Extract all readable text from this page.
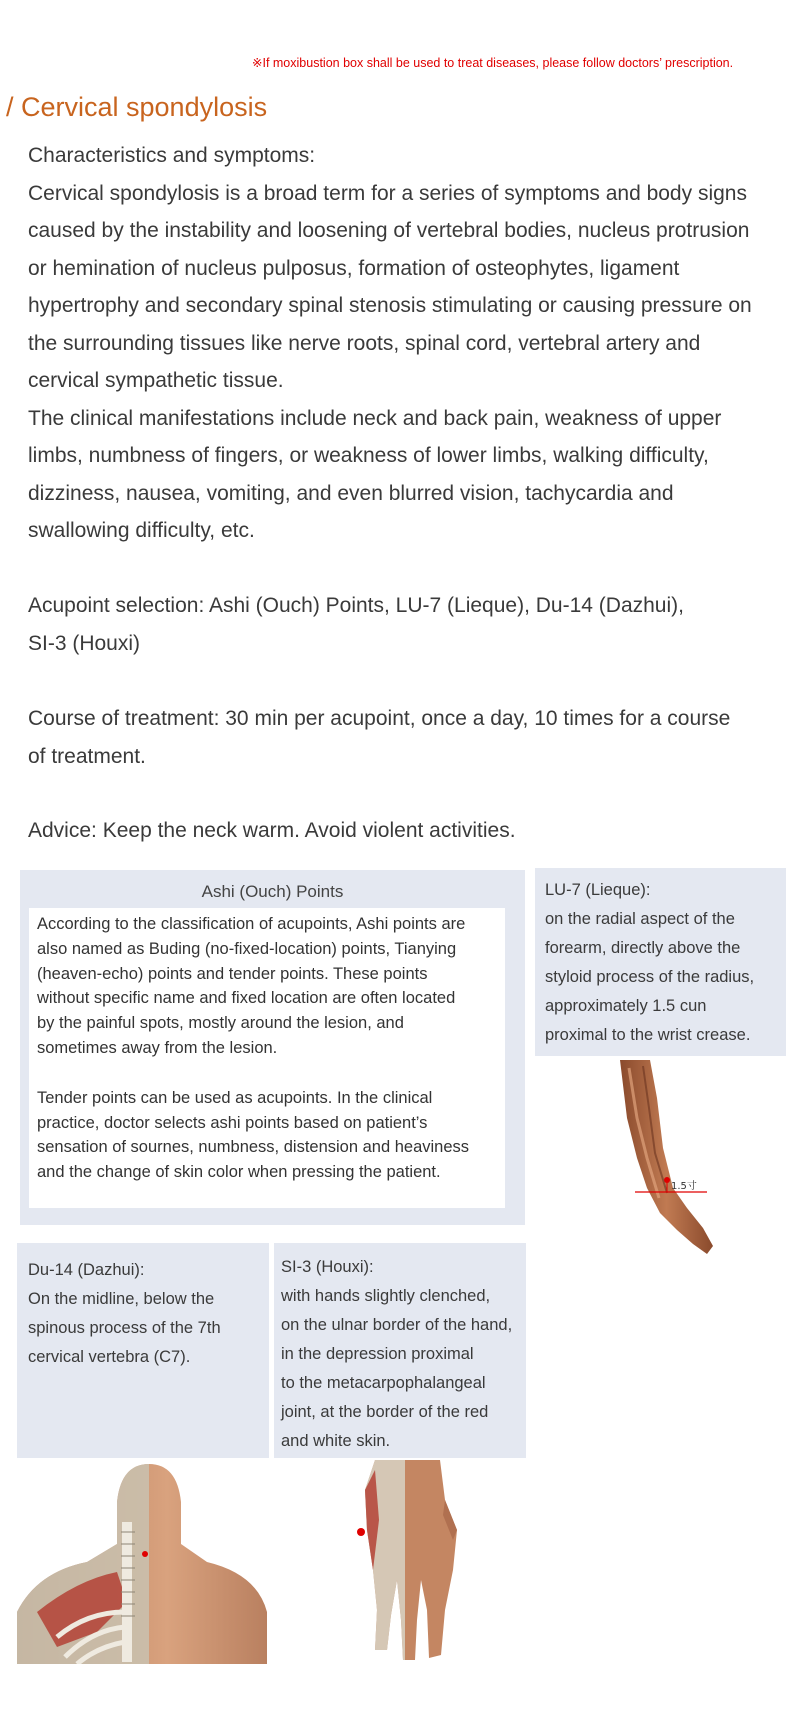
※If moxibustion box shall be used to treat diseases, please follow doctors’ prescription.
/ Cervical spondylosis

Characteristics and symptoms:

Cervical spondylosis is a broad term for a series of symptoms and body signs

caused by the instability and loosening of vertebral bodies, nucleus protrusion

or hemination of nucleus pulposus, formation of osteophytes, ligament

hypertrophy and secondary spinal stenosis stimulating or causing pressure on

the surrounding tissues like nerve roots, spinal cord, vertebral artery and

cervical sympathetic tissue.

The clinical manifestations include neck and back pain, weakness of upper

limbs, numbness of fingers, or weakness of lower limbs, walking difficulty,

dizziness, nausea, vomiting, and even blurred vision, tachycardia and

swallowing difficulty, etc.

Acupoint selection: Ashi (Ouch) Points, LU-7 (Lieque), Du-14 (Dazhui),

SI-3 (Houxi)

Course of treatment: 30 min per acupoint, once a day, 10 times for a course

of treatment.

Advice: Keep the neck warm. Avoid violent activities.

Ashi (Ouch) Points

According to the classification of acupoints, Ashi points are

also named as Buding (no-fixed-location) points, Tianying

(heaven-echo) points and tender points. These points

without specific name and fixed location are often located

by the painful spots, mostly around the lesion, and

sometimes away from the lesion.

Tender points can be used as acupoints. In the clinical

practice, doctor selects ashi points based on patient’s

sensation of sournes, numbness, distension and heaviness

and the change of skin color when pressing the patient.

LU-7 (Lieque):

on the radial aspect of the

forearm, directly above the

styloid process of the radius,

approximately 1.5 cun

proximal to the wrist crease.

1.5寸

Du-14 (Dazhui):

On the midline, below the

spinous process of the 7th

cervical vertebra (C7).

SI-3 (Houxi):

with hands slightly clenched,

on the ulnar border of the hand,

in the depression proximal

to the metacarpophalangeal

joint, at the border of the red

and white skin.
